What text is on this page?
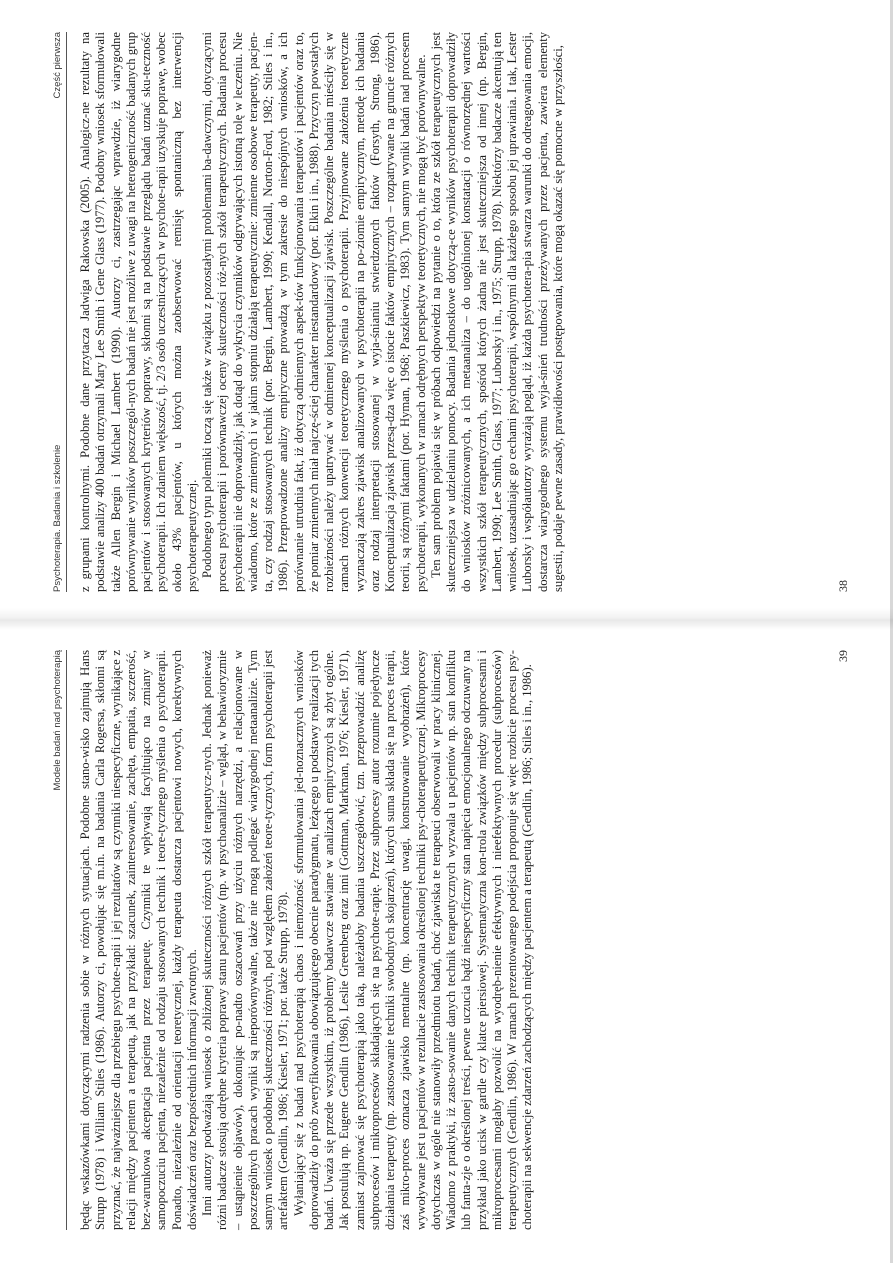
Psychoterapia. Badania i szkolenie
Część pierwsza z grupami kontrolnymi. Podobne dane przytacza Jadwiga Rakowska (2005). Analogicz-ne rezultaty na podstawie analizy 400 badań otrzymali Mary Lee Smith i Gene Glass (1977). Podobny wniosek sformułowali także Allen Bergin i Michael Lambert (1990). Autorzy ci, zastrzegając wprawdzie, iż wiarygodne porównywanie wyników poszczegól-nych badań nie jest możliwe z uwagi na heterogeniczność badanych grup pacjentów i stosowanych kryteriów poprawy, skłonni są na podstawie przeglądu badań uznać sku-teczność psychoterapii. Ich zdaniem większość, tj. 2/3 osób uczestniczących w psychote-rapii uzyskuje poprawę, wobec około 43% pacjentów, u których można zaobserwować remisję spontaniczną bez interwencji psychoterapeutycznej. Podobnego typu polemiki toczą się także w związku z pozostałymi problemami ba-dawczymi, dotyczącymi procesu psychoterapii i porównawczej oceny skuteczności róż-nych szkół terapeutycznych. Badania procesu psychoterapii nie doprowadziły, jak dotąd do wykrycia czynników odgrywających istotną rolę w leczeniu. Nie wiadomo, które ze zmiennych i w jakim stopniu działają terapeutycznie: zmienne osobowe terapeuty, pacjen-ta, czy rodzaj stosowanych technik (por. Bergin, Lambert, 1990; Kendall, Norton-Ford, 1982; Stiles i in., 1986). Przeprowadzone analizy empiryczne prowadzą w tym zakresie do niespójnych wniosków, a ich porównanie utrudnia fakt, iż dotyczą odmiennych aspek-tów funkcjonowania terapeutów i pacjentów oraz to, że pomiar zmiennych miał najczę-ściej charakter niestandardowy (por. Elkin i in., 1988). Przyczyn powstałych rozbieżności należy upatrywać w odmiennej konceptualizacji zjawisk. Poszczególne badania mieściły się w ramach różnych konwencji teoretycznego myślenia o psychoterapii. Przyjmowane założenia teoretyczne wyznaczają zakres zjawisk analizowanych w psychoterapii na po-ziomie empirycznym, metodę ich badania oraz rodzaj interpretacji stosowanej w wyja-śnianiu stwierdzonych faktów (Forsyth, Strong, 1986). Konceptualizacja zjawisk przesą-dza więc o istocie faktów empirycznych – rozpatrywane na gruncie różnych teorii, są różnymi faktami (por. Hyman, 1968; Paszkiewicz, 1983). Tym samym wyniki badań nad procesem psychoterapii, wykonanych w ramach odrębnych perspektyw teoretycznych, nie mogą być porównywalne. Ten sam problem pojawia się w próbach odpowiedzi na pytanie o to, która ze szkół terapeutycznych jest skuteczniejsza w udzielaniu pomocy. Badania jednostkowe dotyczą-ce wyników psychoterapii doprowadziły do wniosków zróżnicowanych, a ich metaanaliza – do uogólnionej konstatacji o równorzędnej wartości wszystkich szkół terapeutycznych, spośród których żadna nie jest skuteczniejsza od innej (np. Bergin, Lambert, 1990; Lee Smith, Glass, 1977; Luborsky i in., 1975; Strupp, 1978). Niektórzy badacze akcentują ten wniosek, uzasadniając go cechami psychoterapii, wspólnymi dla każdego sposobu jej uprawiania. I tak, Lester Luborsky i współautorzy wyrażają pogląd, iż każda psychotera-pia stwarza warunki do odreagowania emocji, dostarcza wiarygodnego systemu wyja-śnień trudności przeżywanych przez pacjenta, zawiera elementy sugestii, podaje pewne zasady, prawidłowości postępowania, które mogą okazać się pomocne w przyszłości,	38
Modele badań nad psychoterapią będąc wskazówkami dotyczącymi radzenia sobie w różnych sytuacjach. Podobne stano-wisko zajmują Hans Strupp (1978) i William Stiles (1986). Autorzy ci, powołując się m.in. na badania Carla Rogersa, skłonni są przyznać, że najważniejsze dla przebiegu psychote-rapii i jej rezultatów są czynniki niespecyficzne, wynikające z relacji między pacjentem a terapeutą, jak na przykład: szacunek, zainteresowanie, zachęta, empatia, szczerość, bez-warunkowa akceptacja pacjenta przez terapeutę. Czynniki te wpływają facylitująco na zmiany w samopoczuciu pacjenta, niezależnie od rodzaju stosowanych technik i teore-tycznego myślenia o psychoterapii. Ponadto, niezależnie od orientacji teoretycznej, każdy terapeuta dostarcza pacjentowi nowych, korektywnych doświadczeń oraz bezpośrednich informacji zwrotnych. Inni autorzy podważają wniosek o zbliżonej skuteczności różnych szkół terapeutycz-nych. Jednak ponieważ różni badacze stosują odrębne kryteria poprawy stanu pacjentów (np. w psychoanalizie – wgląd, w behawioryzmie – ustąpienie objawów), dokonując po-nadto oszacowań przy użyciu różnych narzędzi, a relacjonowane w poszczególnych pracach wyniki są nieporównywalne, także nie mogą podlegać wiarygodnej metaanalizie. Tym samym wniosek o podobnej skuteczności różnych, pod względem założeń teore-tycznych, form psychoterapii jest artefaktem (Gendlin, 1986; Kiesler, 1971; por. także Strupp, 1978). Wyłaniający się z badań nad psychoterapią chaos i niemożność sformułowania jed-noznacznych wniosków doprowadziły do prób zweryfikowania obowiązującego obecnie paradygmatu, leżącego u podstawy realizacji tych badań. Uważa się przede wszystkim, iż problemy badawcze stawiane w analizach empirycznych są zbyt ogólne. Jak postulują np. Eugene Gendlin (1986), Leslie Greenberg oraz inni (Gottman, Markman, 1976; Kiesler, 1971), zamiast zajmować się psychoterapią jako taką, należałoby badania uszczegółowić, tzn. przeprowadzić analizę subprocesów i mikroprocesów składających się na psychote-rapię. Przez subprocesy autor rozumie pojedyncze działania terapeuty (np. zastosowanie techniki swobodnych skojarzeń), których suma składa się na proces terapii, zaś mikro-proces oznacza zjawisko mentalne (np. koncentrację uwagi, konstruowanie wyobrażeń), które wywoływane jest u pacjentów w rezultacie zastosowania określonej techniki psy-choterapeutycznej. Mikroprocesy dotychczas w ogóle nie stanowiły przedmiotu badań, choć zjawiska te terapeuci obserwowali w pracy klinicznej. Wiadomo z praktyki, iż zasto-sowanie danych technik terapeutycznych wyzwala u pacjentów np. stan konfliktu lub fanta-zje o określonej treści, pewne uczucia bądź niespecyficzny stan napięcia emocjonalnego odczuwany na przykład jako ucisk w gardle czy klatce piersiowej. Systematyczna kon-trola związków między subprocesami i mikroprocesami mogłaby pozwolić na wyodręb-nienie efektywnych i nieefektywnych procedur (subprocesów) terapeutycznych (Gendlin, 1986). W ramach prezentowanego podejścia proponuje się więc rozbicie procesu psy-choterapii na sekwencje zdarzeń zachodzących między pacjentem a terapeutą (Gendlin, 1986; Stiles i in., 1986).

39
